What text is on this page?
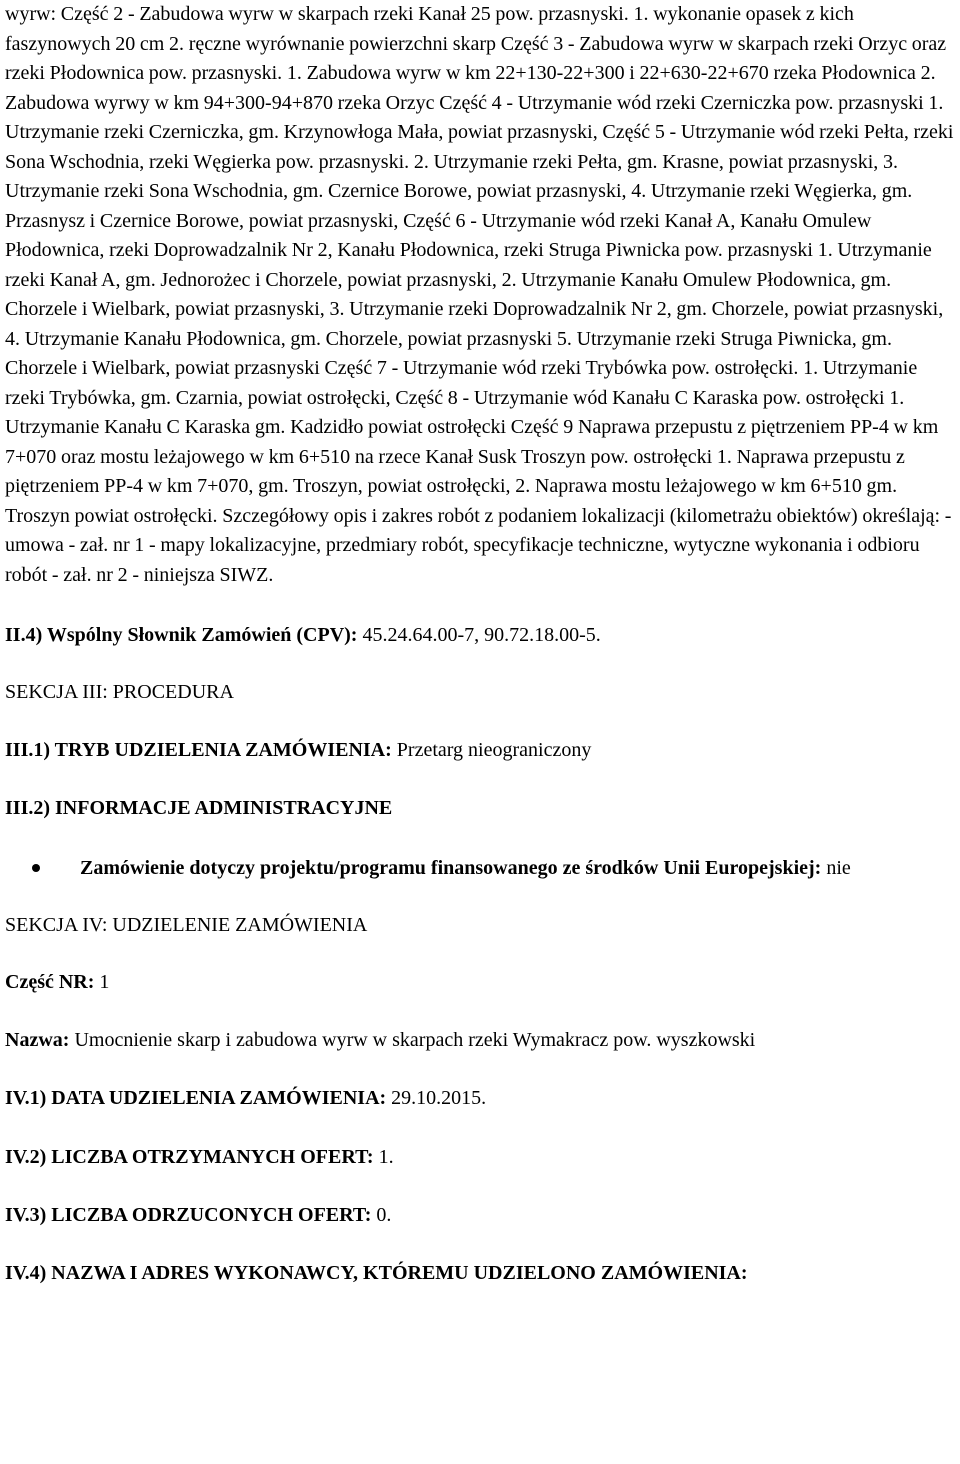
wyrw: Część 2 - Zabudowa wyrw w skarpach rzeki Kanał 25 pow. przasnyski. 1. wykonanie opasek z kich faszynowych 20 cm 2. ręczne wyrównanie powierzchni skarp Część 3 - Zabudowa wyrw w skarpach rzeki Orzyc oraz rzeki Płodownica pow. przasnyski. 1. Zabudowa wyrw w km 22+130-22+300 i 22+630-22+670 rzeka Płodownica 2. Zabudowa wyrwy w km 94+300-94+870 rzeka Orzyc Część 4 - Utrzymanie wód rzeki Czerniczka pow. przasnyski 1. Utrzymanie rzeki Czerniczka, gm. Krzynowłoga Mała, powiat przasnyski, Część 5 - Utrzymanie wód rzeki Pełta, rzeki Sona Wschodnia, rzeki Węgierka pow. przasnyski. 2. Utrzymanie rzeki Pełta, gm. Krasne, powiat przasnyski, 3. Utrzymanie rzeki Sona Wschodnia, gm. Czernice Borowe, powiat przasnyski, 4. Utrzymanie rzeki Węgierka, gm. Przasnysz i Czernice Borowe, powiat przasnyski, Część 6 - Utrzymanie wód rzeki Kanał A, Kanału Omulew Płodownica, rzeki Doprowadzalnik Nr 2, Kanału Płodownica, rzeki Struga Piwnicka pow. przasnyski 1. Utrzymanie rzeki Kanał A, gm. Jednorożec i Chorzele, powiat przasnyski, 2. Utrzymanie Kanału Omulew Płodownica, gm. Chorzele i Wielbark, powiat przasnyski, 3. Utrzymanie rzeki Doprowadzalnik Nr 2, gm. Chorzele, powiat przasnyski, 4. Utrzymanie Kanału Płodownica, gm. Chorzele, powiat przasnyski 5. Utrzymanie rzeki Struga Piwnicka, gm. Chorzele i Wielbark, powiat przasnyski Część 7 - Utrzymanie wód rzeki Trybówka pow. ostrołęcki. 1. Utrzymanie rzeki Trybówka, gm. Czarnia, powiat ostrołęcki, Część 8 - Utrzymanie wód Kanału C Karaska pow. ostrołęcki 1. Utrzymanie Kanału C Karaska gm. Kadzidło powiat ostrołęcki Część 9 Naprawa przepustu z piętrzeniem PP-4 w km 7+070 oraz mostu leżajowego w km 6+510 na rzece Kanał Susk Troszyn pow. ostrołęcki 1. Naprawa przepustu z piętrzeniem PP-4 w km 7+070, gm. Troszyn, powiat ostrołęcki, 2. Naprawa mostu leżajowego w km 6+510 gm. Troszyn powiat ostrołęcki. Szczegółowy opis i zakres robót z podaniem lokalizacji (kilometrażu obiektów) określają: - umowa - zał. nr 1 - mapy lokalizacyjne, przedmiary robót, specyfikacje techniczne, wytyczne wykonania i odbioru robót - zał. nr 2 - niniejsza SIWZ.

II.4) Wspólny Słownik Zamówień (CPV): 45.24.64.00-7, 90.72.18.00-5.

SEKCJA III: PROCEDURA

III.1) TRYB UDZIELENIA ZAMÓWIENIA: Przetarg nieograniczony

III.2) INFORMACJE ADMINISTRACYJNE

Zamówienie dotyczy projektu/programu finansowanego ze środków Unii Europejskiej: nie

SEKCJA IV: UDZIELENIE ZAMÓWIENIA

Część NR: 1

Nazwa: Umocnienie skarp i zabudowa wyrw w skarpach rzeki Wymakracz pow. wyszkowski

IV.1) DATA UDZIELENIA ZAMÓWIENIA: 29.10.2015.

IV.2) LICZBA OTRZYMANYCH OFERT: 1.

IV.3) LICZBA ODRZUCONYCH OFERT: 0.

IV.4) NAZWA I ADRES WYKONAWCY, KTÓREMU UDZIELONO ZAMÓWIENIA:
